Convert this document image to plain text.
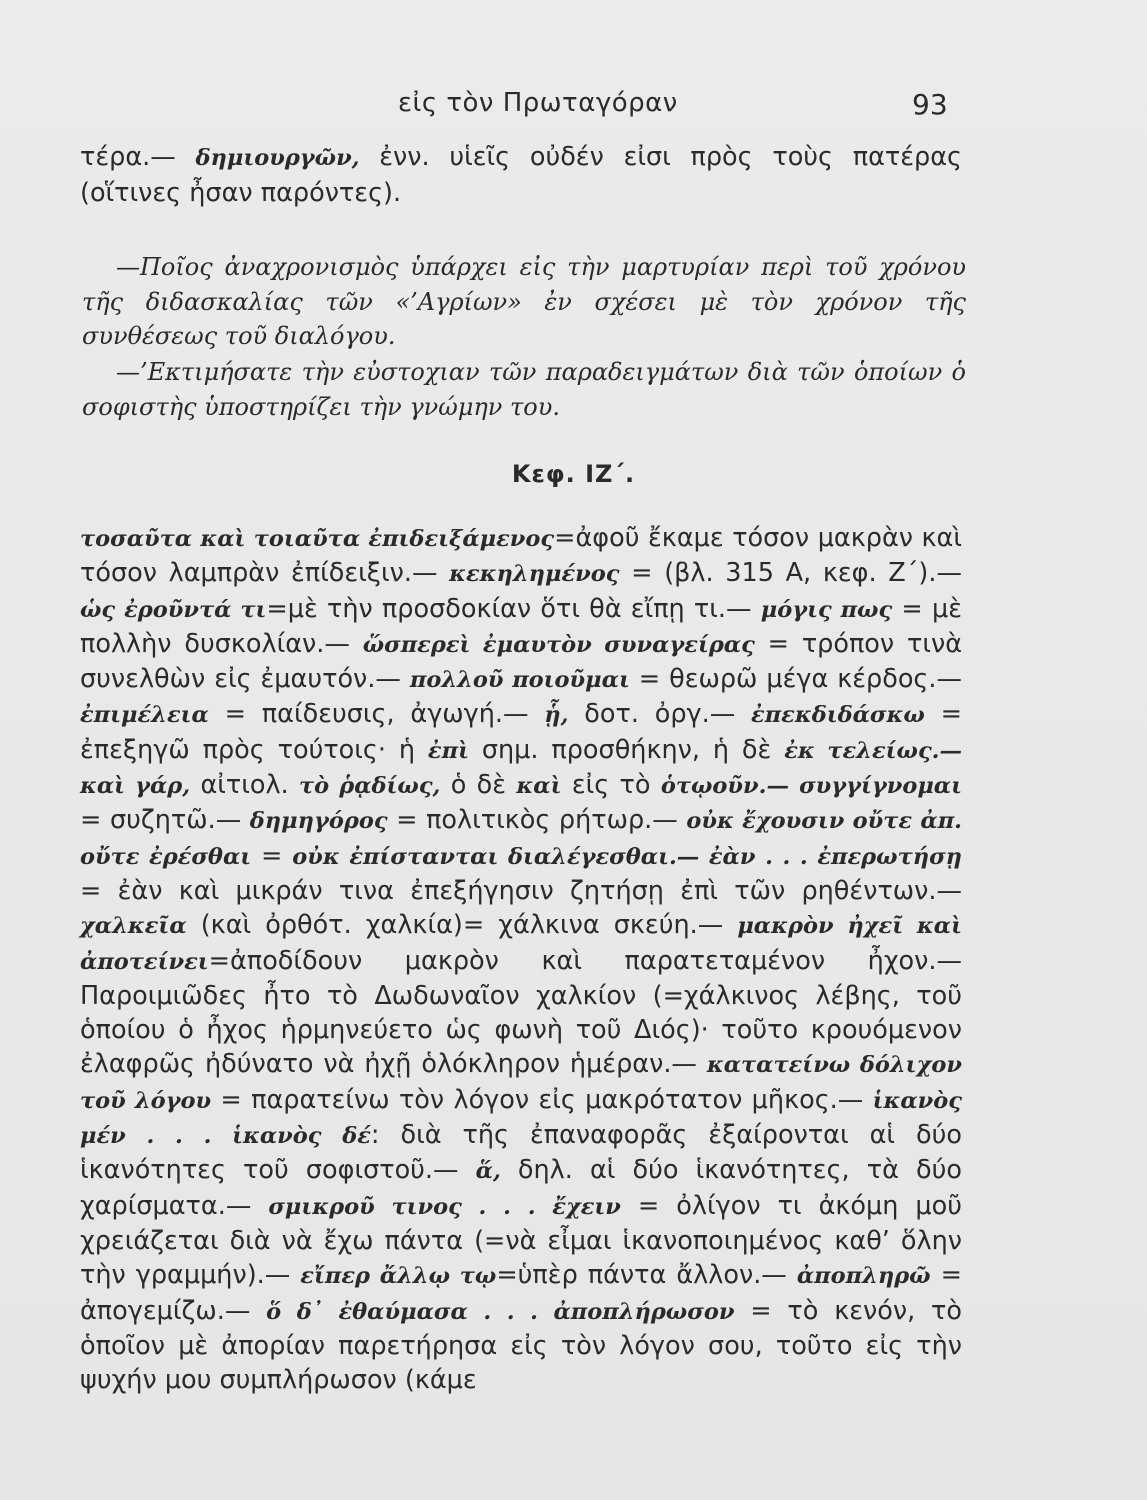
εἰς τὸν Πρωταγόραν	93
τέρα.— δημιουργῶν, ἐνν. υἱεῖς οὐδέν εἰσι πρὸς τοὺς πατέρας (οἵτινες ἦσαν παρόντες).
—Ποῖος ἀναχρονισμὸς ὑπάρχει εἰς τὴν μαρτυρίαν περὶ τοῦ χρόνου τῆς διδασκαλίας τῶν «’Αγρίων» ἐν σχέσει μὲ τὸν χρόνον τῆς συνθέσεως τοῦ διαλόγου.
—’Εκτιμήσατε τὴν εὐστοχιαν τῶν παραδειγμάτων διὰ τῶν ὁποίων ὁ σοφιστὴς ὑποστηρίζει τὴν γνώμην του.
Κεφ. ΙΖ΄.
τοσαῦτα καὶ τοιαῦτα ἐπιδειξάμενος=ἀφοῦ ἔκαμε τόσον μακρὰν καὶ τόσον λαμπρὰν ἐπίδειξιν.— κεκηλημένος = (βλ. 315 Α, κεφ. Ζ΄).— ὡς ἐροῦντά τι=μὲ τὴν προσδοκίαν ὅτι θὰ εἴπῃ τι.— μόγις πως = μὲ πολλὴν δυσκολίαν.— ὥσπερεὶ ἐμαυτὸν συναγείρας = τρόπον τινὰ συνελθὼν εἰς ἐμαυτόν.— πολλοῦ ποιοῦμαι = θεωρῶ μέγα κέρδος.— ἐπιμέλεια = παίδευσις, ἀγωγή.— ᾗ, δοτ. ὀργ.— ἐπεκδιδάσκω = ἐπεξηγῶ πρὸς τούτοις· ἡ ἐπὶ σημ. προσθήκην, ἡ δὲ ἐκ τελείως.— καὶ γάρ, αἰτιολ. τὸ ῥᾳδίως, ὁ δὲ καὶ εἰς τὸ ὁτῳοῦν.— συγγίγνομαι = συζητῶ.— δημηγόρος = πολιτικὸς ρήτωρ.— οὐκ ἔχουσιν οὔτε ἀπ. οὔτε ἐρέσθαι = οὐκ ἐπίστανται διαλέγεσθαι.— ἐὰν . . . ἐπερωτήσῃ = ἐὰν καὶ μικράν τινα ἐπεξήγησιν ζητήσῃ ἐπὶ τῶν ρηθέντων.— χαλκεῖα (καὶ ὀρθότ. χαλκία)= χάλκινα σκεύη.— μακρὸν ἠχεῖ καὶ ἀποτείνει=ἀποδίδουν μακρὸν καὶ παρατεταμένον ἦχον.— Παροιμιῶδες ἦτο τὸ Δωδωναῖον χαλκίον (=χάλκινος λέβης, τοῦ ὁποίου ὁ ἦχος ἡρμηνεύετο ὡς φωνὴ τοῦ Διός)· τοῦτο κρουόμενον ἐλαφρῶς ἠδύνατο νὰ ἠχῇ ὁλόκληρον ἡμέραν.— κατατείνω δόλιχον τοῦ λόγου = παρατείνω τὸν λόγον εἰς μακρότατον μῆκος.— ἱκανὸς μέν . . . ἱκανὸς δέ: διὰ τῆς ἐπαναφορᾶς ἐξαίρονται αἱ δύο ἱκανότητες τοῦ σοφιστοῦ.— ἅ, δηλ. αἱ δύο ἱκανότητες, τὰ δύο χαρίσματα.— σμικροῦ τινος . . . ἔχειν = ὀλίγον τι ἀκόμη μοῦ χρειάζεται διὰ νὰ ἔχω πάντα (=νὰ εἶμαι ἱκανοποιημένος καθ’ ὅλην τὴν γραμμήν).— εἴπερ ἄλλῳ τῳ=ὑπὲρ πάντα ἄλλον.— ἀποπληρῶ = ἀπογεμίζω.— ὅ δ᾽ ἐθαύμασα . . . ἀποπλήρωσον = τὸ κενόν, τὸ ὁποῖον μὲ ἀπορίαν παρετήρησα εἰς τὸν λόγον σου, τοῦτο εἰς τὴν ψυχήν μου συμπλήρωσον (κάμε
